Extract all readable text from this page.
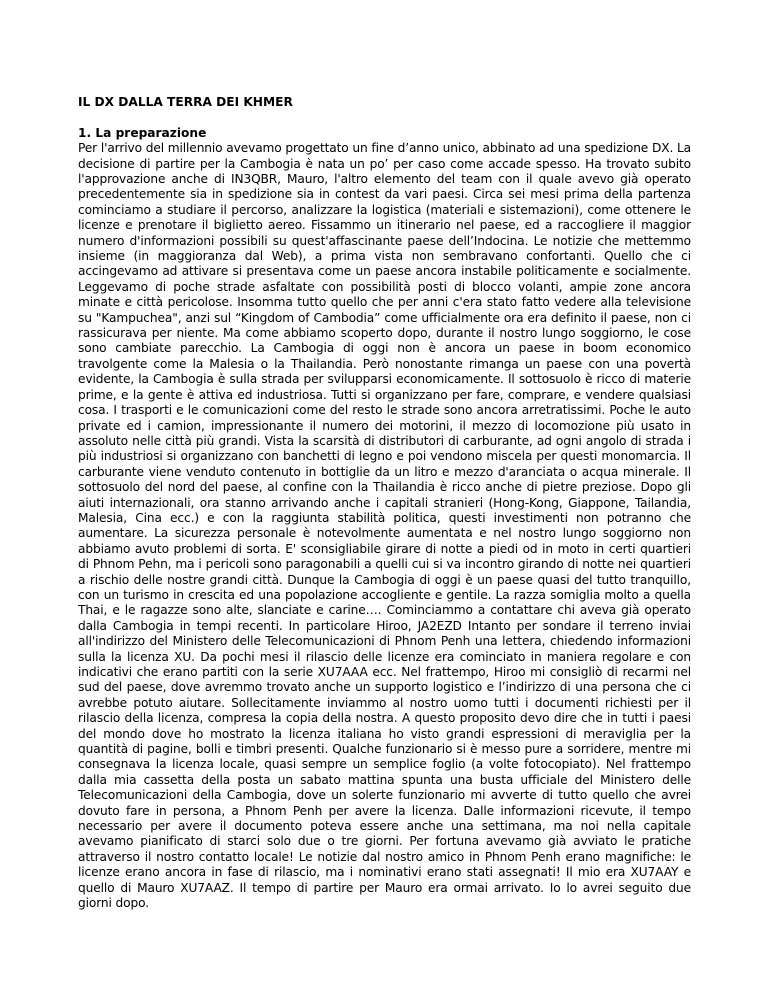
IL DX DALLA TERRA DEI KHMER

1. La preparazione

Per l'arrivo del millennio avevamo progettato un fine d’anno unico, abbinato ad una spedizione DX. La decisione di partire per la Cambogia è nata un po’ per caso come accade spesso. Ha trovato subito l'approvazione anche di IN3QBR, Mauro, l'altro elemento del team con il quale avevo già operato precedentemente sia in spedizione sia in contest da vari paesi. Circa sei mesi prima della partenza cominciamo a studiare il percorso, analizzare la logistica (materiali e sistemazioni), come ottenere le licenze e prenotare il biglietto aereo. Fissammo un itinerario nel paese, ed a raccogliere il maggior numero d'informazioni possibili su quest'affascinante paese dell’Indocina. Le notizie che mettemmo insieme (in maggioranza dal Web), a prima vista non sembravano confortanti. Quello che ci accingevamo ad attivare si presentava come un paese ancora instabile politicamente e socialmente. Leggevamo di poche strade asfaltate con possibilità posti di blocco volanti, ampie zone ancora minate e città pericolose. Insomma tutto quello che per anni c'era stato fatto vedere alla televisione su "Kampuchea", anzi sul “Kingdom of Cambodia” come ufficialmente ora era definito il paese, non ci rassicurava per niente. Ma come abbiamo scoperto dopo, durante il nostro lungo soggiorno, le cose sono cambiate parecchio. La Cambogia di oggi non è ancora un paese in boom economico travolgente come la Malesia o la Thailandia. Però nonostante rimanga un paese con una povertà evidente, la Cambogia è sulla strada per svilupparsi economicamente. Il sottosuolo è ricco di materie prime, e la gente è attiva ed industriosa. Tutti si organizzano per fare, comprare, e vendere qualsiasi cosa. I trasporti e le comunicazioni come del resto le strade sono ancora arretratissimi. Poche le auto private ed i camion, impressionante il numero dei motorini, il mezzo di locomozione più usato in assoluto nelle città più grandi. Vista la scarsità di distributori di carburante, ad ogni angolo di strada i più industriosi si organizzano con banchetti di legno e poi vendono miscela per questi monomarcia. Il carburante viene venduto contenuto in bottiglie da un litro e mezzo d'aranciata o acqua minerale. Il sottosuolo del nord del paese, al confine con la Thailandia è ricco anche di pietre preziose. Dopo gli aiuti internazionali, ora stanno arrivando anche i capitali stranieri (Hong-Kong, Giappone, Tailandia, Malesia, Cina ecc.) e con la raggiunta stabilità politica, questi investimenti non potranno che aumentare. La sicurezza personale è notevolmente aumentata e nel nostro lungo soggiorno non abbiamo avuto problemi di sorta. E' sconsigliabile girare di notte a piedi od in moto in certi quartieri di Phnom Pehn, ma i pericoli sono paragonabili a quelli cui si va incontro girando di notte nei quartieri a rischio delle nostre grandi città. Dunque la Cambogia di oggi è un paese quasi del tutto tranquillo, con un turismo in crescita ed una popolazione accogliente e gentile. La razza somiglia molto a quella Thai, e le ragazze sono alte, slanciate e carine…. Cominciammo a contattare chi aveva già operato dalla Cambogia in tempi recenti. In particolare Hiroo, JA2EZD Intanto per sondare il terreno inviai all'indirizzo del Ministero delle Telecomunicazioni di Phnom Penh una lettera, chiedendo informazioni sulla la licenza XU. Da pochi mesi il rilascio delle licenze era cominciato in maniera regolare e con indicativi che erano partiti con la serie XU7AAA ecc. Nel frattempo, Hiroo mi consigliò di recarmi nel sud del paese, dove avremmo trovato anche un supporto logistico e l’indirizzo di una persona che ci avrebbe potuto aiutare. Sollecitamente inviammo al nostro uomo tutti i documenti richiesti per il rilascio della licenza, compresa la copia della nostra. A questo proposito devo dire che in tutti i paesi del mondo dove ho mostrato la licenza italiana ho visto grandi espressioni di meraviglia per la quantità di pagine, bolli e timbri presenti. Qualche funzionario si è messo pure a sorridere, mentre mi consegnava la licenza locale, quasi sempre un semplice foglio (a volte fotocopiato). Nel frattempo dalla mia cassetta della posta un sabato mattina spunta una busta ufficiale del Ministero delle Telecomunicazioni della Cambogia, dove un solerte funzionario mi avverte di tutto quello che avrei dovuto fare in persona, a Phnom Penh per avere la licenza. Dalle informazioni ricevute, il tempo necessario per avere il documento poteva essere anche una settimana, ma noi nella capitale avevamo pianificato di starci solo due o tre giorni. Per fortuna avevamo già avviato le pratiche attraverso il nostro contatto locale! Le notizie dal nostro amico in Phnom Penh erano magnifiche: le licenze erano ancora in fase di rilascio, ma i nominativi erano stati assegnati! Il mio era XU7AAY e quello di Mauro XU7AAZ. Il tempo di partire per Mauro era ormai arrivato. Io lo avrei seguito due giorni dopo.
